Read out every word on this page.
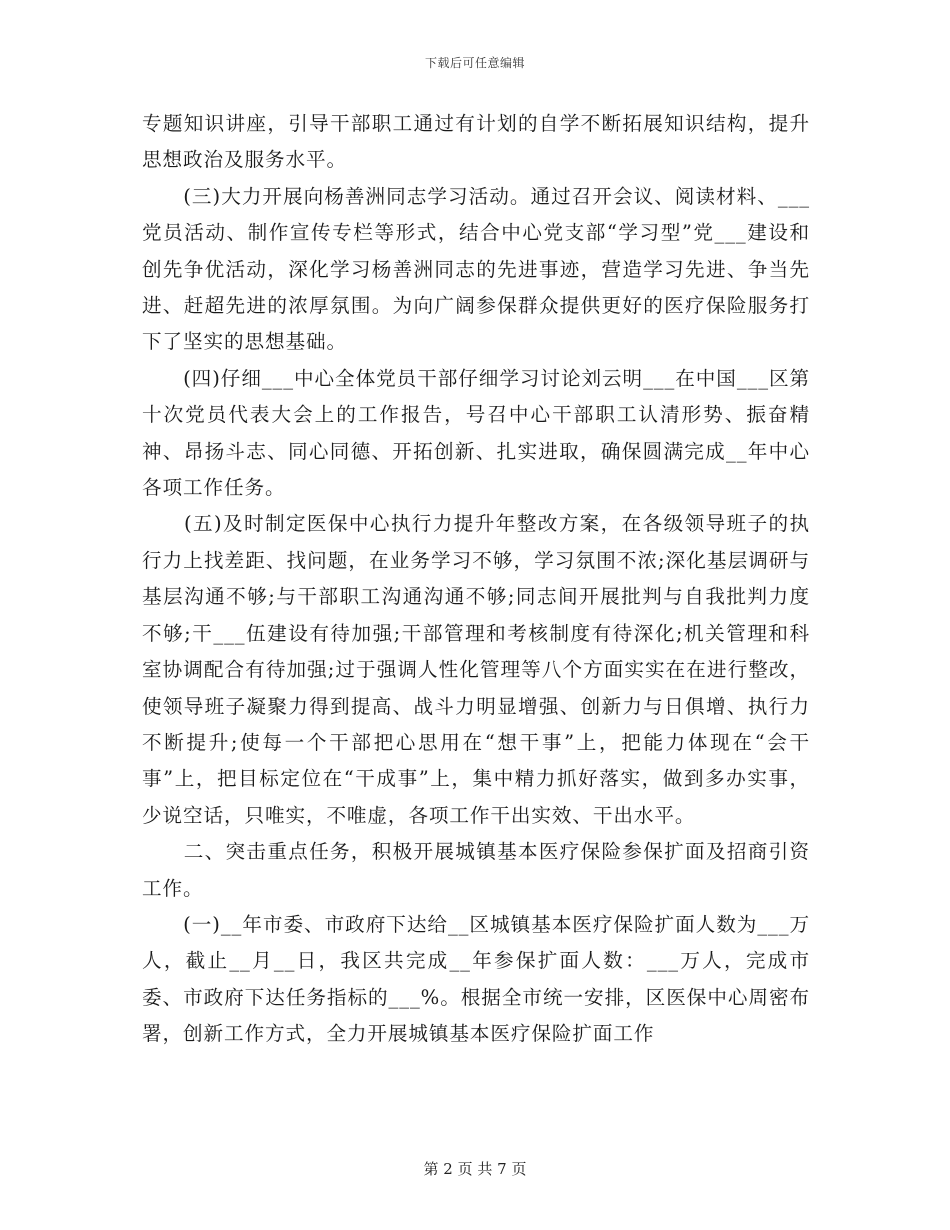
下载后可任意编辑

专题知识讲座，引导干部职工通过有计划的自学不断拓展知识结构，提升思想政治及服务水平。

　　(三)大力开展向杨善洲同志学习活动。通过召开会议、阅读材料、___党员活动、制作宣传专栏等形式，结合中心党支部“学习型”党___建设和创先争优活动，深化学习杨善洲同志的先进事迹，营造学习先进、争当先进、赶超先进的浓厚氛围。为向广阔参保群众提供更好的医疗保险服务打下了坚实的思想基础。

　　(四)仔细___中心全体党员干部仔细学习讨论刘云明___在中国___区第十次党员代表大会上的工作报告，号召中心干部职工认清形势、振奋精神、昂扬斗志、同心同德、开拓创新、扎实进取，确保圆满完成__年中心各项工作任务。

　　(五)及时制定医保中心执行力提升年整改方案，在各级领导班子的执行力上找差距、找问题，在业务学习不够，学习氛围不浓;深化基层调研与基层沟通不够;与干部职工沟通沟通不够;同志间开展批判与自我批判力度不够;干___伍建设有待加强;干部管理和考核制度有待深化;机关管理和科室协调配合有待加强;过于强调人性化管理等八个方面实实在在进行整改，使领导班子凝聚力得到提高、战斗力明显增强、创新力与日俱增、执行力不断提升;使每一个干部把心思用在“想干事”上，把能力体现在“会干事”上，把目标定位在“干成事”上，集中精力抓好落实，做到多办实事，少说空话，只唯实，不唯虚，各项工作干出实效、干出水平。

　　二、突击重点任务，积极开展城镇基本医疗保险参保扩面及招商引资工作。

　　(一)__年市委、市政府下达给__区城镇基本医疗保险扩面人数为___万人，截止__月__日，我区共完成__年参保扩面人数：___万人，完成市委、市政府下达任务指标的___%。根据全市统一安排，区医保中心周密布署，创新工作方式，全力开展城镇基本医疗保险扩面工作

第 2 页 共 7 页
